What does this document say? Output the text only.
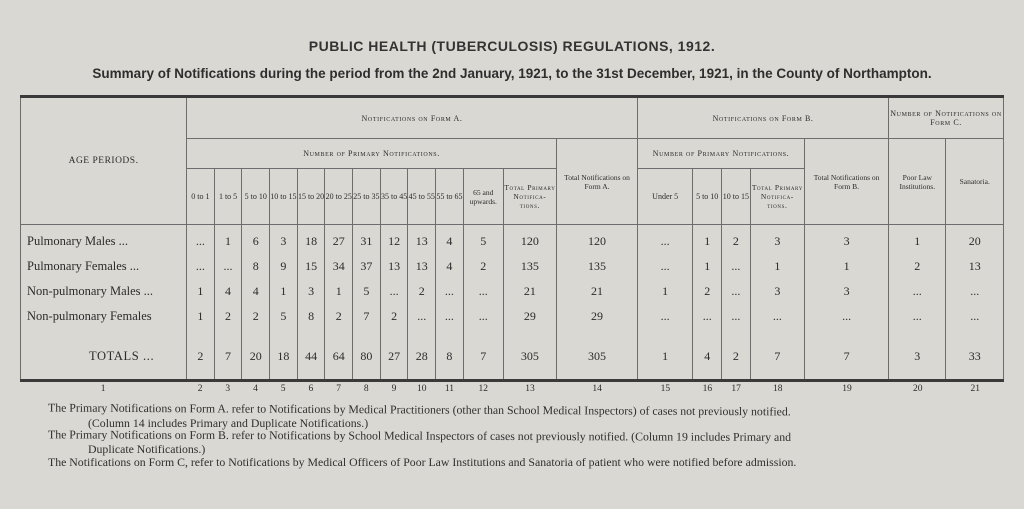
PUBLIC HEALTH (TUBERCULOSIS) REGULATIONS, 1912.
Summary of Notifications during the period from the 2nd January, 1921, to the 31st December, 1921, in the County of Northampton.
AGE PERIODS.	Notifications on Form A.													Notifications on Form B.					Number of Notifications on Form C.	
	Number of Primary Notifications.												Total Notifications on Form A.	Number of Primary Notifications.				Total Notifications on Form B.	Poor Law Institutions.	Sanatoria.
	0 to 1	1 to 5	5 to 10	10 to 15	15 to 20	20 to 25	25 to 35	35 to 45	45 to 55	55 to 65	65 and upwards.	Total Primary Notifica- tions.		Under 5	5 to 10	10 to 15	Total Primary Notifica- tions.			

Pulmonary Males ...	...	1	6	3	18	27	31	12	13	4	5	120	120	...	1	2	3	3	1	20
Pulmonary Females ...	...	...	8	9	15	34	37	13	13	4	2	135	135	...	1	...	1	1	2	13
Non-pulmonary Males ...	1	4	4	1	3	1	5	...	2	...	...	21	21	1	2	...	3	3	...	...
Non-pulmonary Females	1	2	2	5	8	2	7	2	...	...	...	29	29	...	...	...	...	...	...	...

TOTALS ...	2	7	20	18	44	64	80	27	28	8	7	305	305	1	4	2	7	7	3	33
1	2	3	4	5	6	7	8	9	10	11	12	13	14	15	16	17	18	19	20	21

The Primary Notifications on Form A. refer to Notifications by Medical Practitioners (other than School Medical Inspectors) of cases not previously notified.

(Column 14 includes Primary and Duplicate Notifications.)

The Primary Notifications on Form B. refer to Notifications by School Medical Inspectors of cases not previously notified. (Column 19 includes Primary and

Duplicate Notifications.)

The Notifications on Form C, refer to Notifications by Medical Officers of Poor Law Institutions and Sanatoria of patient who were notified before admission.
